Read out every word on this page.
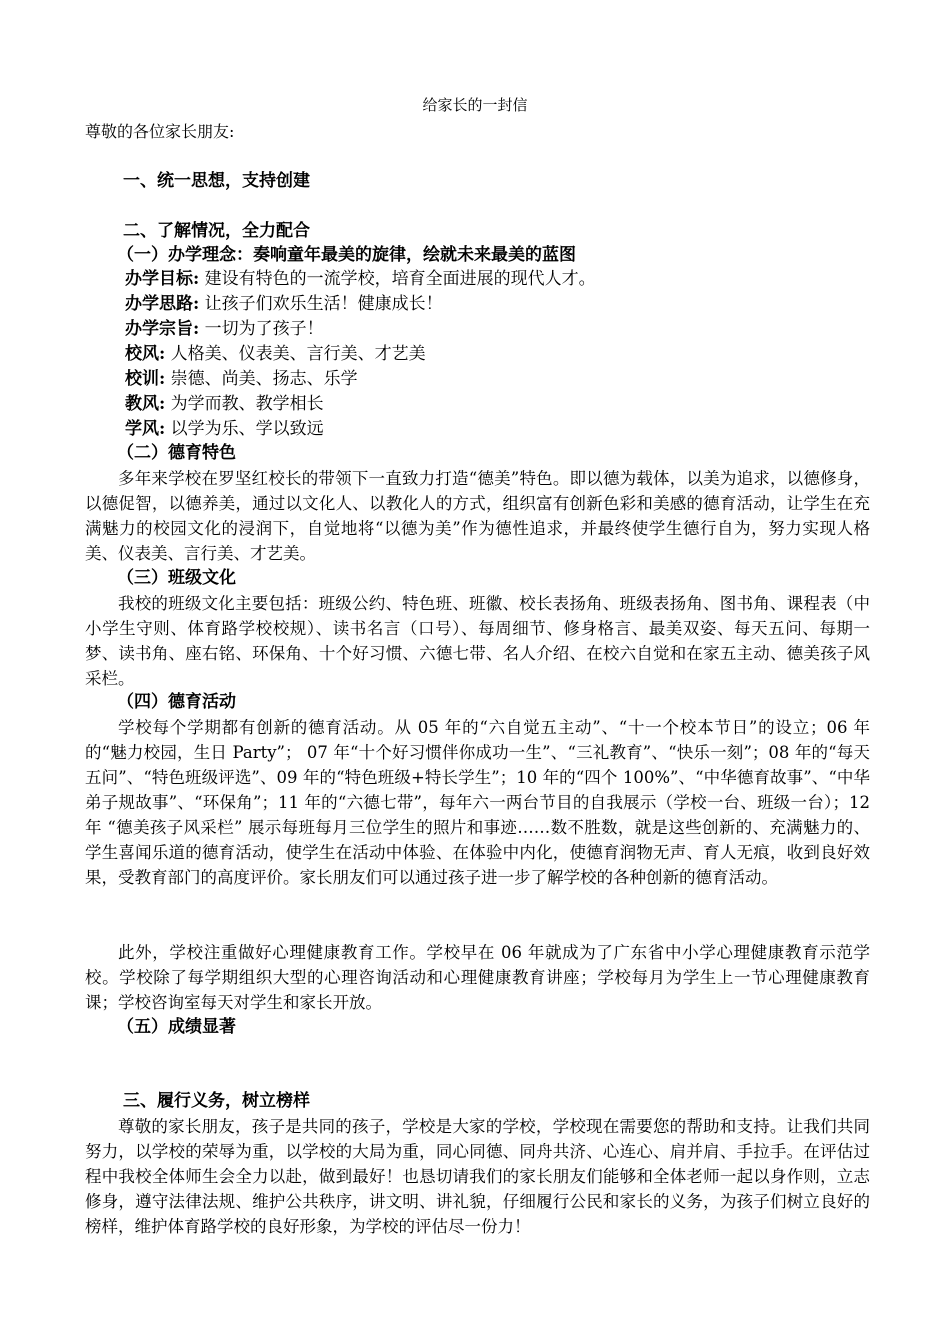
给家长的一封信
尊敬的各位家长朋友:
一、统一思想，支持创建
二、了解情况，全力配合
（一）办学理念：奏响童年最美的旋律，绘就未来最美的蓝图
办学目标: 建设有特色的一流学校，培育全面进展的现代人才。
办学思路: 让孩子们欢乐生活！健康成长！
办学宗旨: 一切为了孩子！
校风: 人格美、仪表美、言行美、才艺美
校训: 崇德、尚美、扬志、乐学
教风: 为学而教、教学相长
学风: 以学为乐、学以致远
（二）德育特色
多年来学校在罗坚红校长的带领下一直致力打造“德美”特色。即以德为载体，以美为追求，以德修身，以德促智，以德养美，通过以文化人、以教化人的方式，组织富有创新色彩和美感的德育活动，让学生在充满魅力的校园文化的浸润下，自觉地将“以德为美”作为德性追求，并最终使学生德行自为，努力实现人格美、仪表美、言行美、才艺美。
（三）班级文化
我校的班级文化主要包括：班级公约、特色班、班徽、校长表扬角、班级表扬角、图书角、课程表（中小学生守则、体育路学校校规）、读书名言（口号）、每周细节、修身格言、最美双姿、每天五问、每期一梦、读书角、座右铭、环保角、十个好习惯、六德七带、名人介绍、在校六自觉和在家五主动、德美孩子风采栏。
（四）德育活动
学校每个学期都有创新的德育活动。从 05 年的“六自觉五主动”、“十一个校本节日”的设立；06 年的“魅力校园，生日 Party”； 07 年“十个好习惯伴你成功一生”、“三礼教育”、“快乐一刻”；08 年的“每天五问”、“特色班级评选”、09 年的“特色班级+特长学生”；10 年的“四个 100%”、“中华德育故事”、“中华弟子规故事”、“环保角”；11 年的“六德七带”，每年六一两台节目的自我展示（学校一台、班级一台）；12 年 “德美孩子风采栏” 展示每班每月三位学生的照片和事迹……数不胜数，就是这些创新的、充满魅力的、学生喜闻乐道的德育活动，使学生在活动中体验、在体验中内化，使德育润物无声、育人无痕，收到良好效果，受教育部门的高度评价。家长朋友们可以通过孩子进一步了解学校的各种创新的德育活动。
此外，学校注重做好心理健康教育工作。学校早在 06 年就成为了广东省中小学心理健康教育示范学校。学校除了每学期组织大型的心理咨询活动和心理健康教育讲座；学校每月为学生上一节心理健康教育课；学校咨询室每天对学生和家长开放。
（五）成绩显著
三、履行义务，树立榜样
尊敬的家长朋友，孩子是共同的孩子，学校是大家的学校，学校现在需要您的帮助和支持。让我们共同努力，以学校的荣辱为重，以学校的大局为重，同心同德、同舟共济、心连心、肩并肩、手拉手。在评估过程中我校全体师生会全力以赴，做到最好！也恳切请我们的家长朋友们能够和全体老师一起以身作则，立志修身，遵守法律法规、维护公共秩序，讲文明、讲礼貌，仔细履行公民和家长的义务，为孩子们树立良好的榜样，维护体育路学校的良好形象，为学校的评估尽一份力！
